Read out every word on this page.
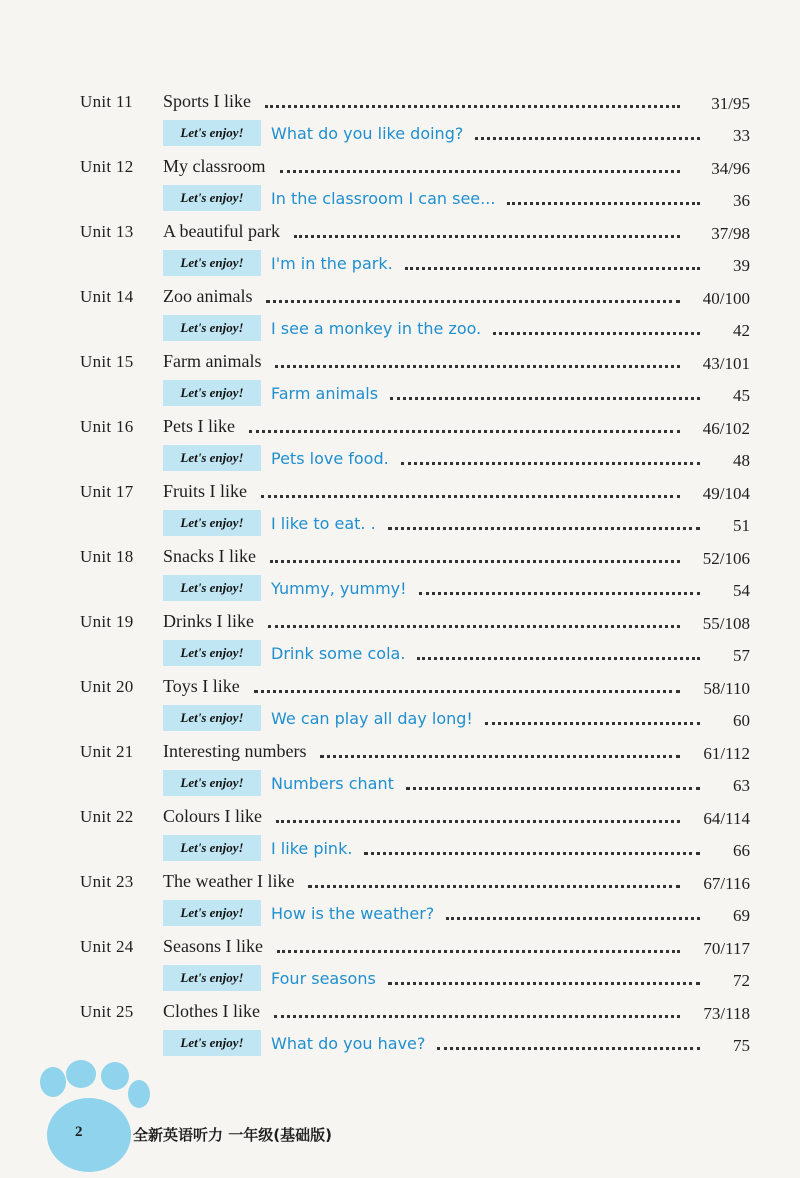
Unit 11 Sports I like	31/95
Let's enjoy!	What do you like doing?	33
Unit 12 My classroom	34/96
Let's enjoy!	In the classroom I can see...	36
Unit 13 A beautiful park	37/98
Let's enjoy!	I'm in the park.	39
Unit 14 Zoo animals	40/100
Let's enjoy!	I see a monkey in the zoo.	42
Unit 15 Farm animals	43/101
Let's enjoy!	Farm animals	45
Unit 16 Pets I like	46/102
Let's enjoy!	Pets love food.	48
Unit 17 Fruits I like	49/104
Let's enjoy!	I like to eat. .	51
Unit 18 Snacks I like	52/106
Let's enjoy!	Yummy, yummy!	54
Unit 19 Drinks I like	55/108
Let's enjoy!	Drink some cola.	57
Unit 20 Toys I like	58/110
Let's enjoy!	We can play all day long!	60
Unit 21 Interesting numbers	61/112
Let's enjoy!	Numbers chant	63
Unit 22 Colours I like	64/114
Let's enjoy!	I like pink.	66
Unit 23 The weather I like	67/116
Let's enjoy!	How is the weather?	69
Unit 24 Seasons I like	70/117
Let's enjoy!	Four seasons	72
Unit 25 Clothes I like	73/118
Let's enjoy!	What do you have?	75
2	全新英语听力 一年级(基础版)
